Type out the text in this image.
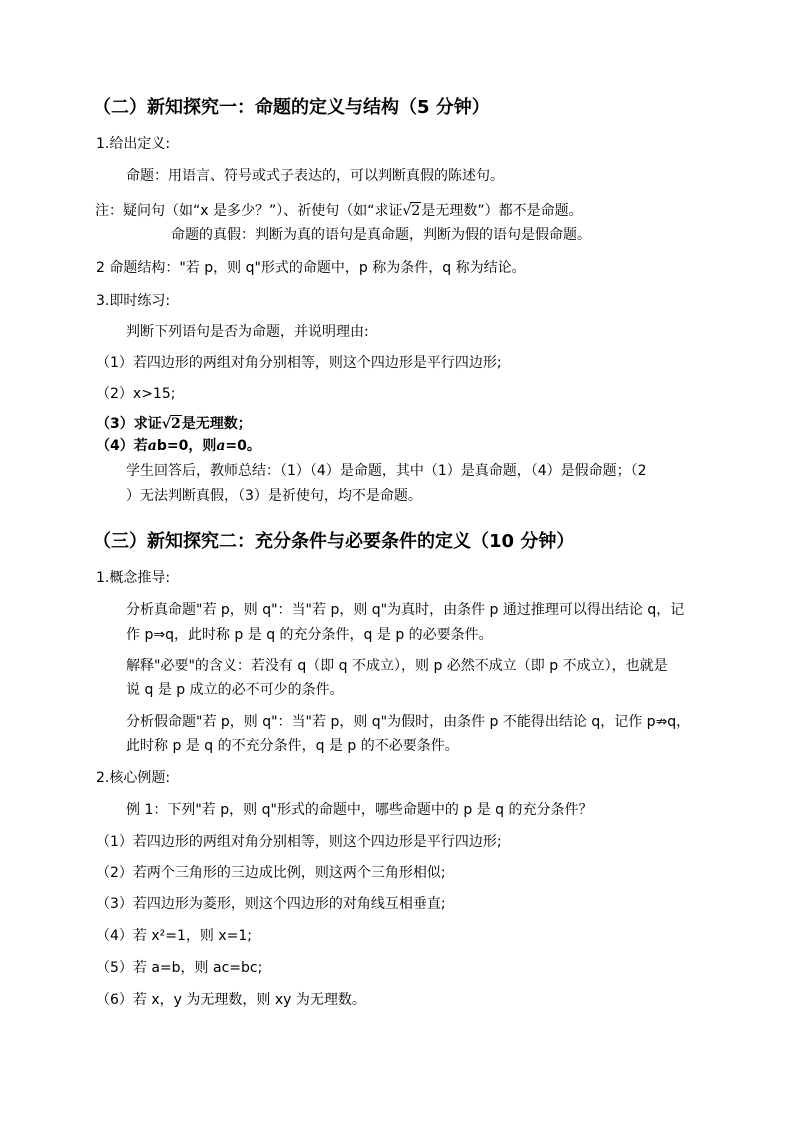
（二）新知探究一：命题的定义与结构（5 分钟）
1.给出定义:
命题：用语言、符号或式子表达的，可以判断真假的陈述句。
注：疑问句（如“x 是多少？”）、祈使句（如“求证√2是无理数”）都不是命题。
命题的真假：判断为真的语句是真命题，判断为假的语句是假命题。
2 命题结构："若 p，则 q"形式的命题中，p 称为条件，q 称为结论。
3.即时练习:
判断下列语句是否为命题，并说明理由:
（1）若四边形的两组对角分别相等，则这个四边形是平行四边形;
（2）x>15;
（3）求证√2是无理数；
（4）若ab=0，则a=0。
学生回答后，教师总结：（1）（4）是命题，其中（1）是真命题，（4）是假命题；（2
）无法判断真假，（3）是祈使句，均不是命题。
（三）新知探究二：充分条件与必要条件的定义（10 分钟）
1.概念推导:
分析真命题"若 p，则 q"：当"若 p，则 q"为真时，由条件 p 通过推理可以得出结论 q，记
作 p⇒q，此时称 p 是 q 的充分条件，q 是 p 的必要条件。
解释"必要"的含义：若没有 q（即 q 不成立），则 p 必然不成立（即 p 不成立），也就是
说 q 是 p 成立的必不可少的条件。
分析假命题"若 p，则 q"：当"若 p，则 q"为假时，由条件 p 不能得出结论 q，记作 p⇏q，
此时称 p 是 q 的不充分条件，q 是 p 的不必要条件。
2.核心例题:
例 1：下列"若 p，则 q"形式的命题中，哪些命题中的 p 是 q 的充分条件？
（1）若四边形的两组对角分别相等，则这个四边形是平行四边形;
（2）若两个三角形的三边成比例，则这两个三角形相似;
（3）若四边形为菱形，则这个四边形的对角线互相垂直;
（4）若 x²=1，则 x=1;
（5）若 a=b，则 ac=bc;
（6）若 x，y 为无理数，则 xy 为无理数。
